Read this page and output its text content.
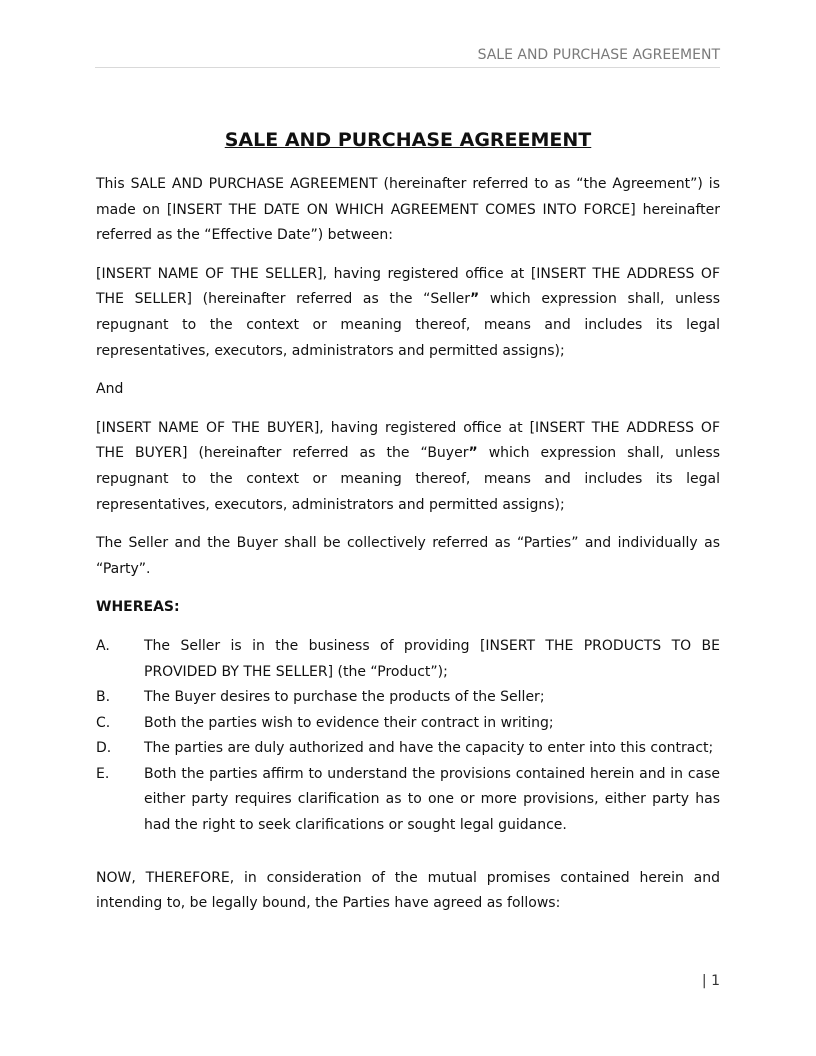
SALE AND PURCHASE AGREEMENT
SALE AND PURCHASE AGREEMENT

This SALE AND PURCHASE AGREEMENT (hereinafter referred to as “the Agreement”) is made on [INSERT THE DATE ON WHICH AGREEMENT COMES INTO FORCE] hereinafter referred as the “Effective Date”) between:

[INSERT NAME OF THE SELLER], having registered office at [INSERT THE ADDRESS OF THE SELLER] (hereinafter referred as the “Seller” which expression shall, unless repugnant to the context or meaning thereof, means and includes its legal representatives, executors, administrators and permitted assigns);

And

[INSERT NAME OF THE BUYER], having registered office at [INSERT THE ADDRESS OF THE BUYER] (hereinafter referred as the “Buyer” which expression shall, unless repugnant to the context or meaning thereof, means and includes its legal representatives, executors, administrators and permitted assigns);

The Seller and the Buyer shall be collectively referred as “Parties” and individually as “Party”.

WHEREAS:
A.	The Seller is in the business of providing [INSERT THE PRODUCTS TO BE PROVIDED BY THE SELLER] (the “Product”);
B.	The Buyer desires to purchase the products of the Seller;
C.	Both the parties wish to evidence their contract in writing;
D.	The parties are duly authorized and have the capacity to enter into this contract;
E.	Both the parties affirm to understand the provisions contained herein and in case either party requires clarification as to one or more provisions, either party has had the right to seek clarifications or sought legal guidance.

NOW, THEREFORE, in consideration of the mutual promises contained herein and intending to, be legally bound, the Parties have agreed as follows:

| 1
